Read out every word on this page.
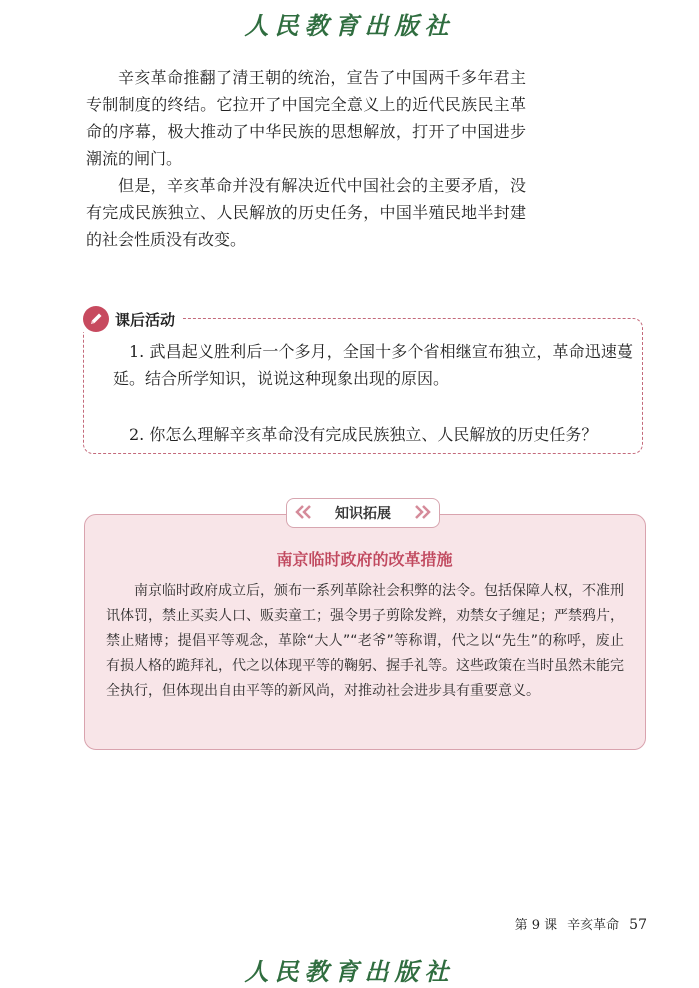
人民教育出版社

辛亥革命推翻了清王朝的统治，宣告了中国两千多年君主专制制度的终结。它拉开了中国完全意义上的近代民族民主革命的序幕，极大推动了中华民族的思想解放，打开了中国进步潮流的闸门。

但是，辛亥革命并没有解决近代中国社会的主要矛盾，没有完成民族独立、人民解放的历史任务，中国半殖民地半封建的社会性质没有改变。

课后活动

1. 武昌起义胜利后一个多月，全国十多个省相继宣布独立，革命迅速蔓延。结合所学知识，说说这种现象出现的原因。

2. 你怎么理解辛亥革命没有完成民族独立、人民解放的历史任务？

知识拓展

南京临时政府的改革措施

南京临时政府成立后，颁布一系列革除社会积弊的法令。包括保障人权，不准刑讯体罚，禁止买卖人口、贩卖童工；强令男子剪除发辫，劝禁女子缠足；严禁鸦片，禁止赌博；提倡平等观念，革除“大人”“老爷”等称谓，代之以“先生”的称呼，废止有损人格的跪拜礼，代之以体现平等的鞠躬、握手礼等。这些政策在当时虽然未能完全执行，但体现出自由平等的新风尚，对推动社会进步具有重要意义。

第 9 课 辛亥革命 57
人民教育出版社
